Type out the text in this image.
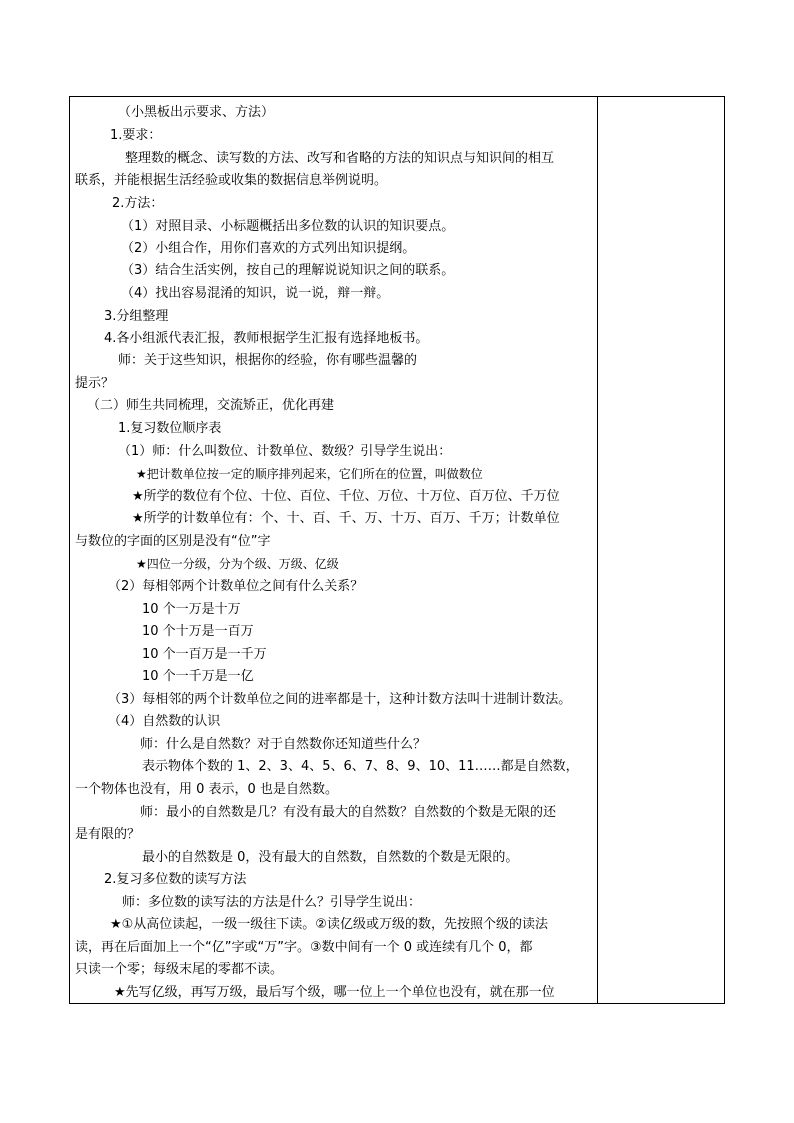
（小黑板出示要求、方法）
1.要求：
整理数的概念、读写数的方法、改写和省略的方法的知识点与知识间的相互
联系，并能根据生活经验或收集的数据信息举例说明。
2.方法：
（1）对照目录、小标题概括出多位数的认识的知识要点。
（2）小组合作，用你们喜欢的方式列出知识提纲。
（3）结合生活实例，按自己的理解说说知识之间的联系。
（4）找出容易混淆的知识，说一说，辩一辩。
3.分组整理
4.各小组派代表汇报，教师根据学生汇报有选择地板书。
师：关于这些知识，根据你的经验，你有哪些温馨的
提示？
（二）师生共同梳理，交流矫正，优化再建
1.复习数位顺序表
（1）师：什么叫数位、计数单位、数级？引导学生说出：
★把计数单位按一定的顺序排列起来，它们所在的位置，叫做数位
★所学的数位有个位、十位、百位、千位、万位、十万位、百万位、千万位
★所学的计数单位有：个、十、百、千、万、十万、百万、千万；计数单位
与数位的字面的区别是没有“位”字
★四位一分级，分为个级、万级、亿级
（2）每相邻两个计数单位之间有什么关系？
10 个一万是十万
10 个十万是一百万
10 个一百万是一千万
10 个一千万是一亿
（3）每相邻的两个计数单位之间的进率都是十，这种计数方法叫十进制计数法。
（4）自然数的认识
师：什么是自然数？对于自然数你还知道些什么？
表示物体个数的 1、2、3、4、5、6、7、8、9、10、11……都是自然数，
一个物体也没有，用 0 表示，0 也是自然数。
师：最小的自然数是几？有没有最大的自然数？自然数的个数是无限的还
是有限的？
最小的自然数是 0，没有最大的自然数，自然数的个数是无限的。
2.复习多位数的读写方法
师：多位数的读写法的方法是什么？引导学生说出：
★①从高位读起，一级一级往下读。②读亿级或万级的数，先按照个级的读法
读，再在后面加上一个“亿”字或“万”字。③数中间有一个 0 或连续有几个 0，都
只读一个零；每级末尾的零都不读。
★先写亿级，再写万级，最后写个级，哪一位上一个单位也没有，就在那一位
